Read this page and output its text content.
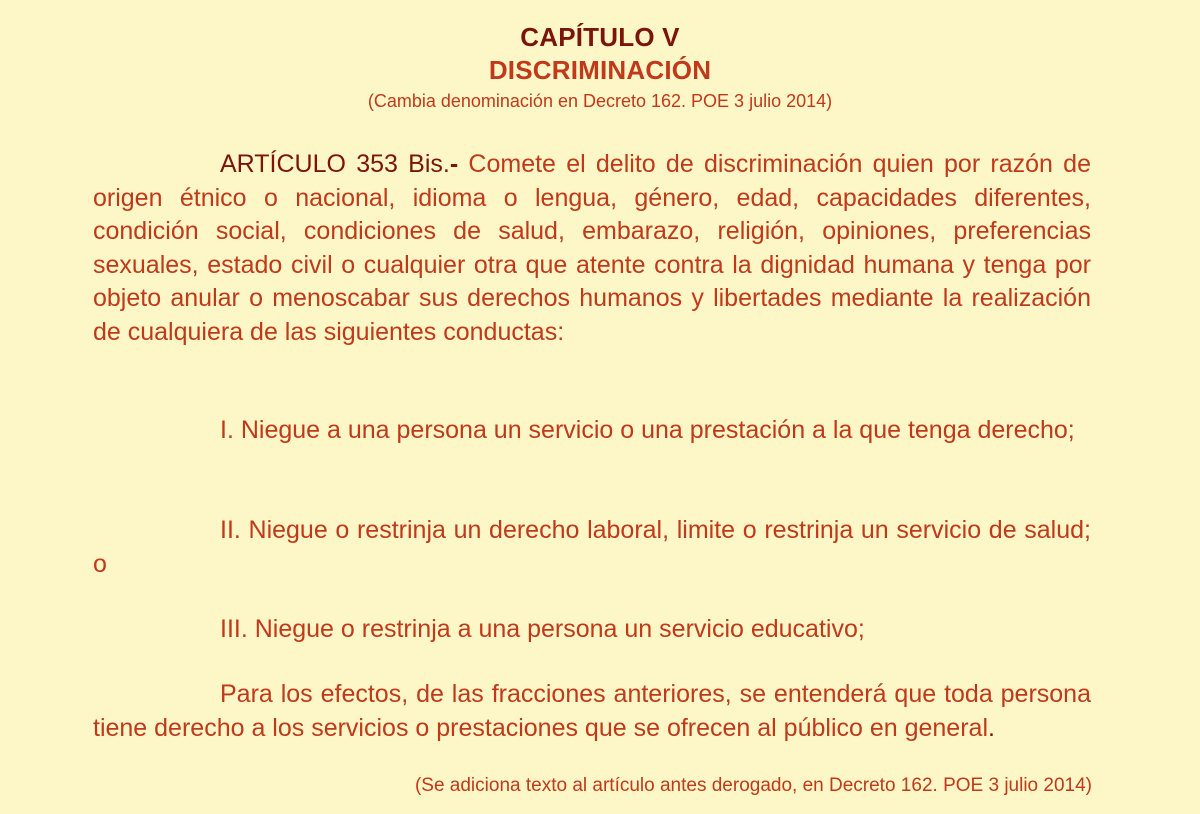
CAPÍTULO V
DISCRIMINACIÓN
(Cambia denominación en Decreto 162. POE 3 julio 2014)

ARTÍCULO 353 Bis.- Comete el delito de discriminación quien por razón de origen étnico o nacional, idioma o lengua, género, edad, capacidades diferentes, condición social, condiciones de salud, embarazo, religión, opiniones, preferencias sexuales, estado civil o cualquier otra que atente contra la dignidad humana y tenga por objeto anular o menoscabar sus derechos humanos y libertades mediante la realización de cualquiera de las siguientes conductas:

I. Niegue a una persona un servicio o una prestación a la que tenga derecho;

II. Niegue o restrinja un derecho laboral, limite o restrinja un servicio de salud; o

III. Niegue o restrinja a una persona un servicio educativo;

Para los efectos, de las fracciones anteriores, se entenderá que toda persona tiene derecho a los servicios o prestaciones que se ofrecen al público en general.

(Se adiciona texto al artículo antes derogado, en Decreto 162. POE 3 julio 2014)
